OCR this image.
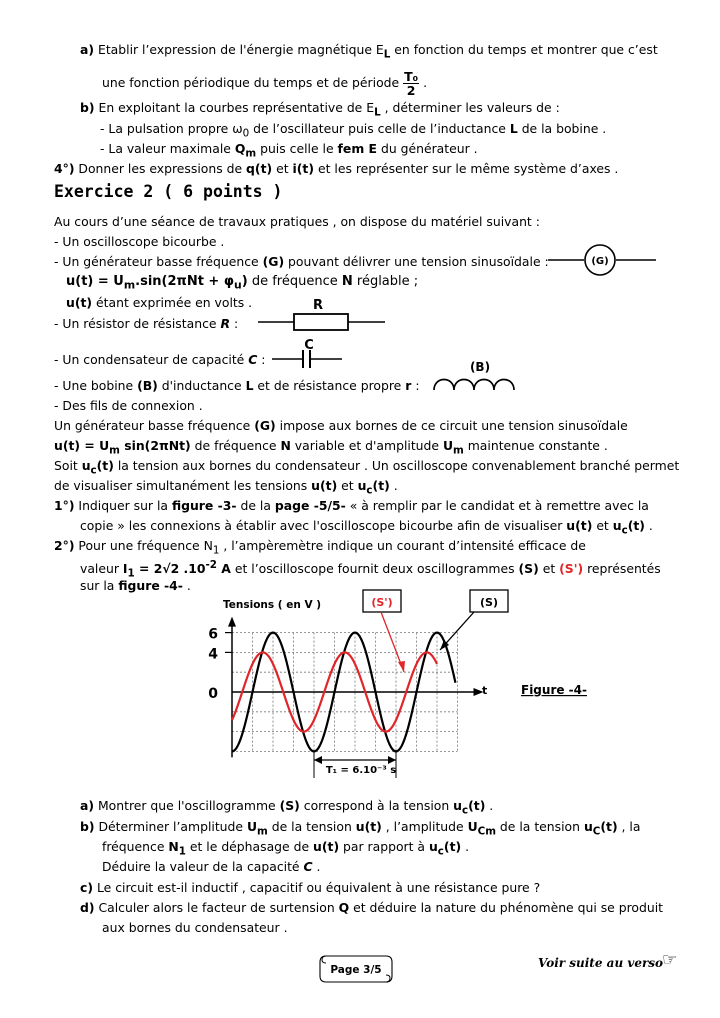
a) Etablir l’expression de l'énergie magnétique $E_L$ en fonction du temps et montrer que c’est
une fonction périodique du temps et de période $\frac{\text{T₀}}{2}$ .
b) En exploitant la courbes représentative de $E_L$ , déterminer les valeurs de :
- La pulsation propre $\omega_0$ de l’oscillateur puis celle de l’inductance L de la bobine .
- La valeur maximale $Q_m$ puis celle le fem E du générateur .
4°) Donner les expressions de q(t) et i(t) et les représenter sur le même système d’axes .
Exercice 2 ( 6 points )
Au cours d’une séance de travaux pratiques , on dispose du matériel suivant :
- Un oscilloscope bicourbe .
- Un générateur basse fréquence (G) pouvant délivrer une tension sinusoïdale :	(G)
$u(t) = U_m.\sin(2\pi Nt + \varphi_u)$ de fréquence N réglable ;
u(t) étant exprimée en volts .	R
- Un résistor de résistance R :
C
- Un condensateur de capacité C :	(B)
- Une bobine (B) d'inductance L et de résistance propre r :
- Des fils de connexion .
Un générateur basse fréquence (G) impose aux bornes de ce circuit une tension sinusoïdale
$u(t) = U_m$ sin(2πNt) de fréquence N variable et d'amplitude $U_m$ maintenue constante .
Soit $u_c(t)$ la tension aux bornes du condensateur . Un oscilloscope convenablement branché permet
de visualiser simultanément les tensions u(t) et $u_c(t)$ .
1°) Indiquer sur la figure -3- de la page -5/5- « à remplir par le candidat et à remettre avec la
copie » les connexions à établir avec l'oscilloscope bicourbe afin de visualiser u(t) et $u_c(t)$ .
2°) Pour une fréquence $N_1$ , l’ampèremètre indique un courant d’intensité efficace de
valeur $I_1 = 2√2$ $.10^{-2}$ A et l’oscilloscope fournit deux oscillogrammes (S) et (S') représentés
sur la figure -4- .
Tensions ( en V )
t	Figure -4-
(S')	(S)
T₁ = 6.10⁻³ s
0
4
6
a) Montrer que l'oscillogramme (S) correspond à la tension $u_c(t)$ .
b) Déterminer l’amplitude $U_m$ de la tension u(t) , l’amplitude $U_{Cm}$ de la tension $u_C(t)$ , la
fréquence $N_1$ et le déphasage de u(t) par rapport à $u_c(t)$ .
Déduire la valeur de la capacité C .
c) Le circuit est-il inductif , capacitif ou équivalent à une résistance pure ?
d) Calculer alors le facteur de surtension Q et déduire la nature du phénomène qui se produit
aux bornes du condensateur .
Page 3/5	Voir suite au verso
☞
